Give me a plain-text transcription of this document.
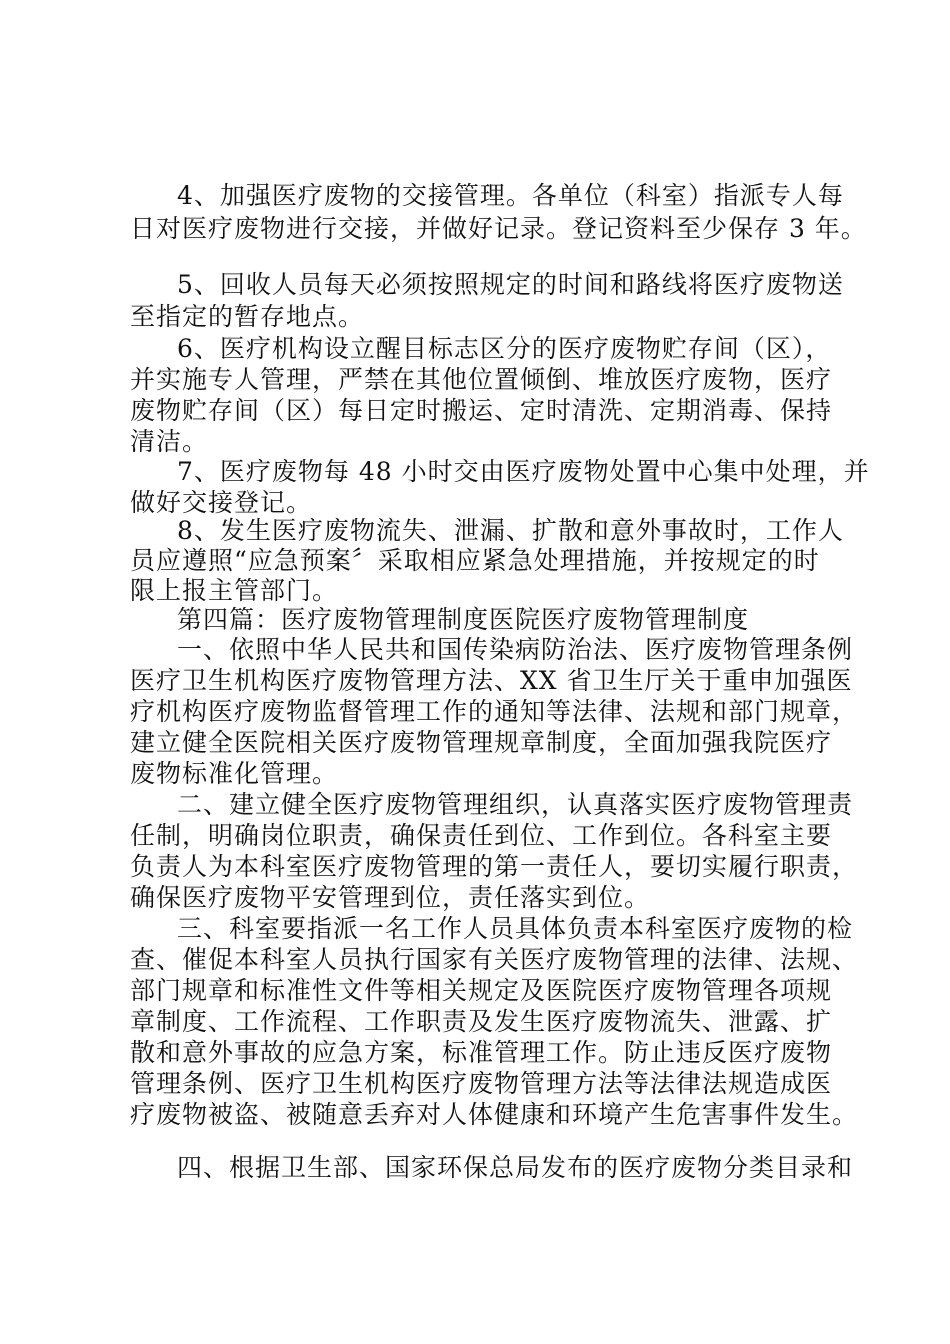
4、加强医疗废物的交接管理。各单位（科室）指派专人每
日对医疗废物进行交接，并做好记录。登记资料至少保存 3 年。
5、回收人员每天必须按照规定的时间和路线将医疗废物送
至指定的暂存地点。
6、医疗机构设立醒目标志区分的医疗废物贮存间（区），
并实施专人管理，严禁在其他位置倾倒、堆放医疗废物，医疗
废物贮存间（区）每日定时搬运、定时清洗、定期消毒、保持
清洁。
7、医疗废物每 48 小时交由医疗废物处置中心集中处理，并
做好交接登记。
8、发生医疗废物流失、泄漏、扩散和意外事故时，工作人
员应遵照“应急预案〞采取相应紧急处理措施，并按规定的时
限上报主管部门。
第四篇：医疗废物管理制度医院医疗废物管理制度
一、依照中华人民共和国传染病防治法、医疗废物管理条例
医疗卫生机构医疗废物管理方法、XX 省卫生厅关于重申加强医
疗机构医疗废物监督管理工作的通知等法律、法规和部门规章，
建立健全医院相关医疗废物管理规章制度，全面加强我院医疗
废物标准化管理。
二、建立健全医疗废物管理组织，认真落实医疗废物管理责
任制，明确岗位职责，确保责任到位、工作到位。各科室主要
负责人为本科室医疗废物管理的第一责任人，要切实履行职责，
确保医疗废物平安管理到位，责任落实到位。
三、科室要指派一名工作人员具体负责本科室医疗废物的检
查、催促本科室人员执行国家有关医疗废物管理的法律、法规、
部门规章和标准性文件等相关规定及医院医疗废物管理各项规
章制度、工作流程、工作职责及发生医疗废物流失、泄露、扩
散和意外事故的应急方案，标准管理工作。防止违反医疗废物
管理条例、医疗卫生机构医疗废物管理方法等法律法规造成医
疗废物被盗、被随意丢弃对人体健康和环境产生危害事件发生。
四、根据卫生部、国家环保总局发布的医疗废物分类目录和
